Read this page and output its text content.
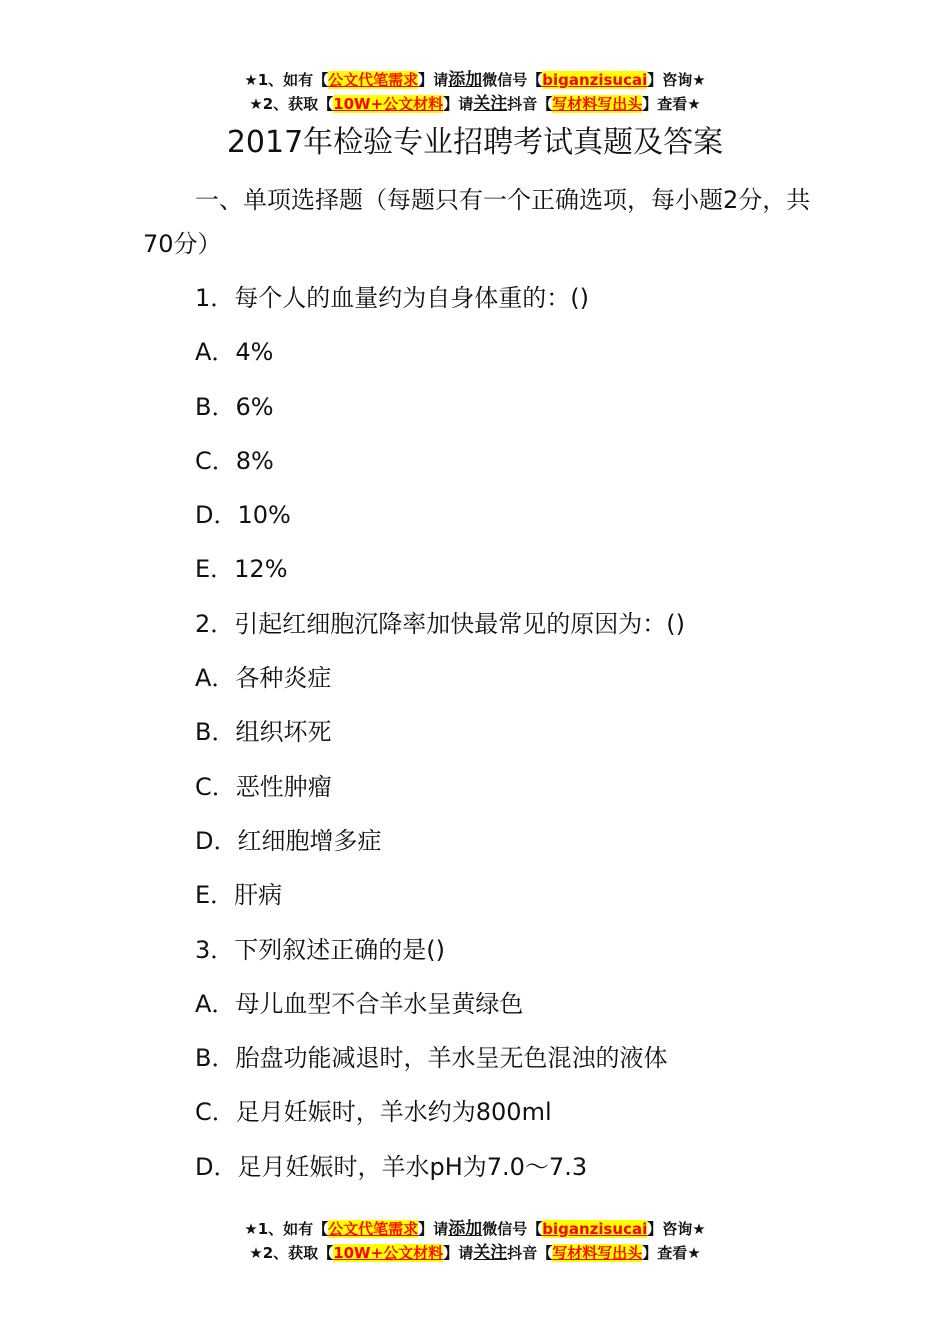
★1、如有【公文代笔需求】请添加微信号【biganzisucai】咨询★
★2、获取【10W+公文材料】请关注抖音【写材料写出头】查看★
2017年检验专业招聘考试真题及答案
一、单项选择题（每题只有一个正确选项，每小题2分，共70分）
1．每个人的血量约为自身体重的：()
A．4%
B．6%
C．8%
D．10%
E．12%
2．引起红细胞沉降率加快最常见的原因为：()
A．各种炎症
B．组织坏死
C．恶性肿瘤
D．红细胞增多症
E．肝病
3．下列叙述正确的是()
A．母儿血型不合羊水呈黄绿色
B．胎盘功能减退时，羊水呈无色混浊的液体
C．足月妊娠时，羊水约为800ml
D．足月妊娠时，羊水pH为7.0～7.3
★1、如有【公文代笔需求】请添加微信号【biganzisucai】咨询★
★2、获取【10W+公文材料】请关注抖音【写材料写出头】查看★
